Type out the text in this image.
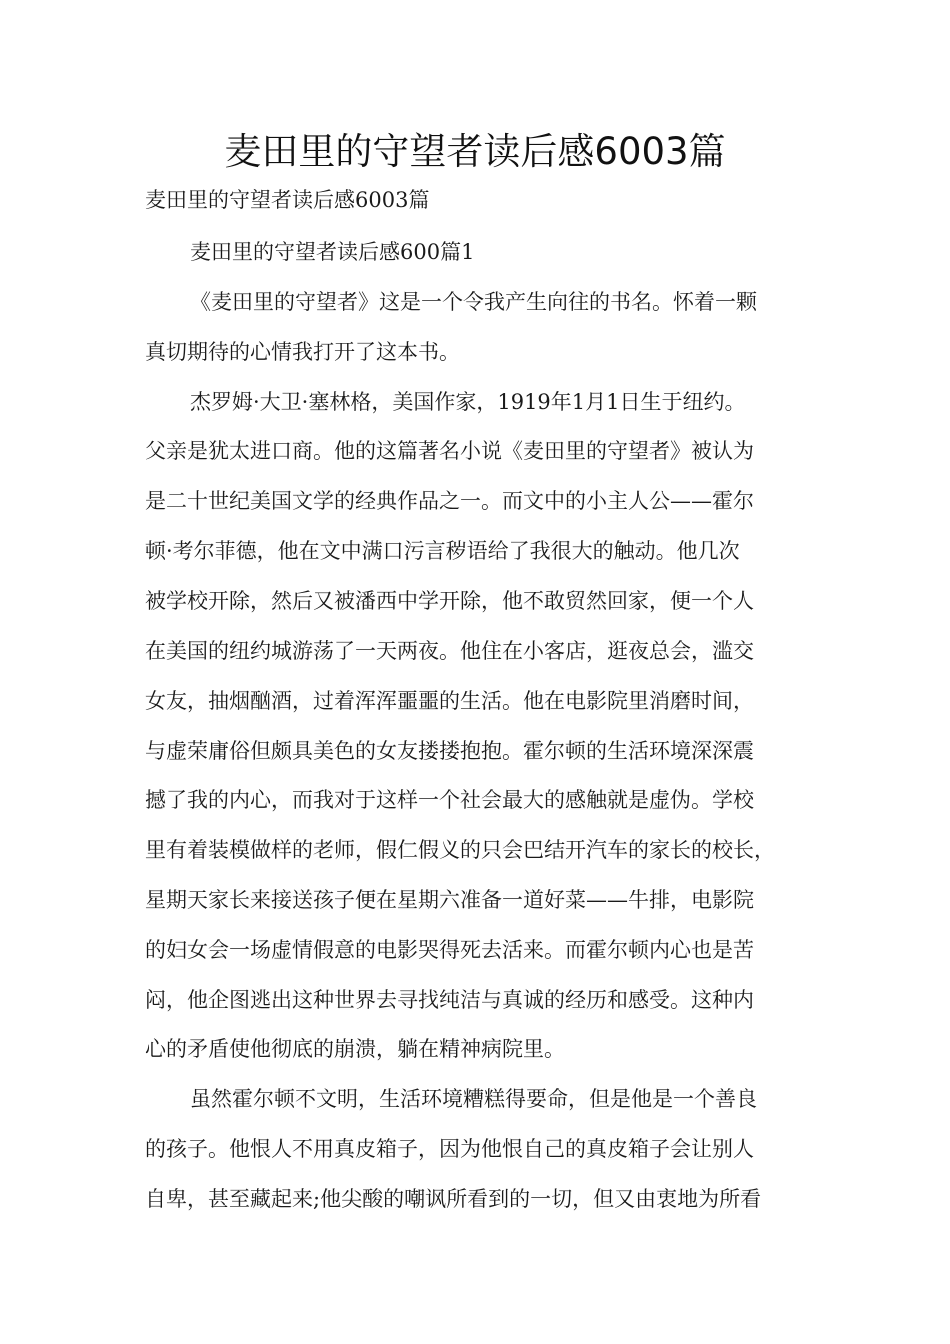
麦田里的守望者读后感6003篇
麦田里的守望者读后感6003篇
麦田里的守望者读后感600篇1
《麦田里的守望者》这是一个令我产生向往的书名。怀着一颗
真切期待的心情我打开了这本书。
杰罗姆·大卫·塞林格，美国作家，1919年1月1日生于纽约。
父亲是犹太进口商。他的这篇著名小说《麦田里的守望者》被认为
是二十世纪美国文学的经典作品之一。而文中的小主人公——霍尔
顿·考尔菲德，他在文中满口污言秽语给了我很大的触动。他几次
被学校开除，然后又被潘西中学开除，他不敢贸然回家，便一个人
在美国的纽约城游荡了一天两夜。他住在小客店，逛夜总会，滥交
女友，抽烟酗酒，过着浑浑噩噩的生活。他在电影院里消磨时间，
与虚荣庸俗但颇具美色的女友搂搂抱抱。霍尔顿的生活环境深深震
撼了我的内心，而我对于这样一个社会最大的感触就是虚伪。学校
里有着装模做样的老师，假仁假义的只会巴结开汽车的家长的校长，
星期天家长来接送孩子便在星期六准备一道好菜——牛排，电影院
的妇女会一场虚情假意的电影哭得死去活来。而霍尔顿内心也是苦
闷，他企图逃出这种世界去寻找纯洁与真诚的经历和感受。这种内
心的矛盾使他彻底的崩溃，躺在精神病院里。
虽然霍尔顿不文明，生活环境糟糕得要命，但是他是一个善良
的孩子。他恨人不用真皮箱子，因为他恨自己的真皮箱子会让别人
自卑，甚至藏起来;他尖酸的嘲讽所看到的一切，但又由衷地为所看
